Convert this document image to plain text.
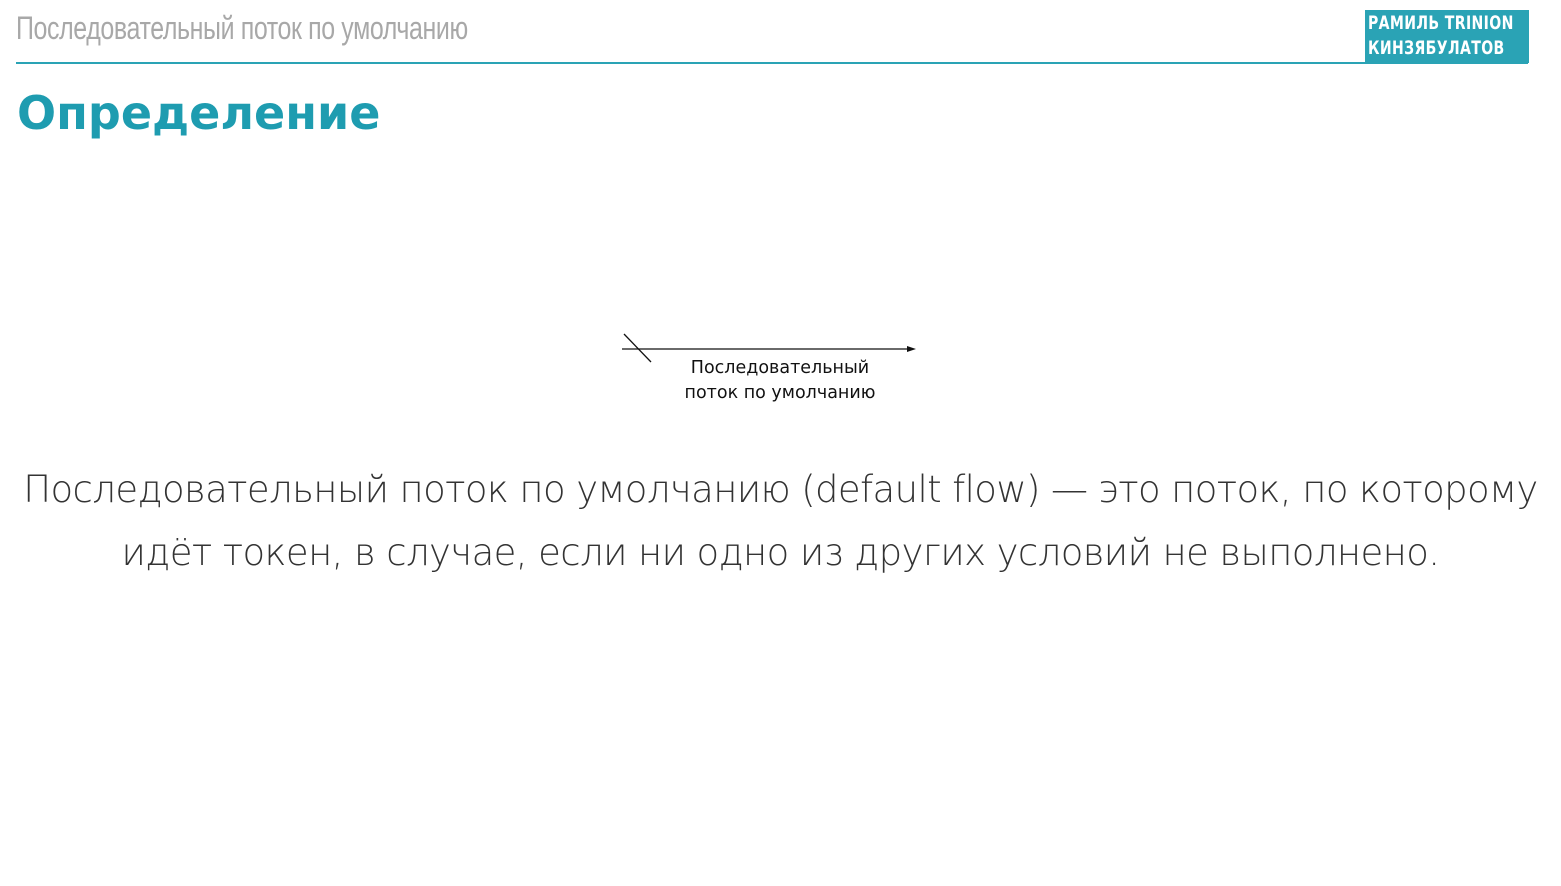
Последовательный поток по умолчанию	РАМИЛЬ TRINION
КИНЗЯБУЛАТОВ
Определение
Последовательный
поток по умолчанию
Последовательный поток по умолчанию (default flow) — это поток, по которому идёт токен, в случае, если ни одно из других условий не выполнено.
